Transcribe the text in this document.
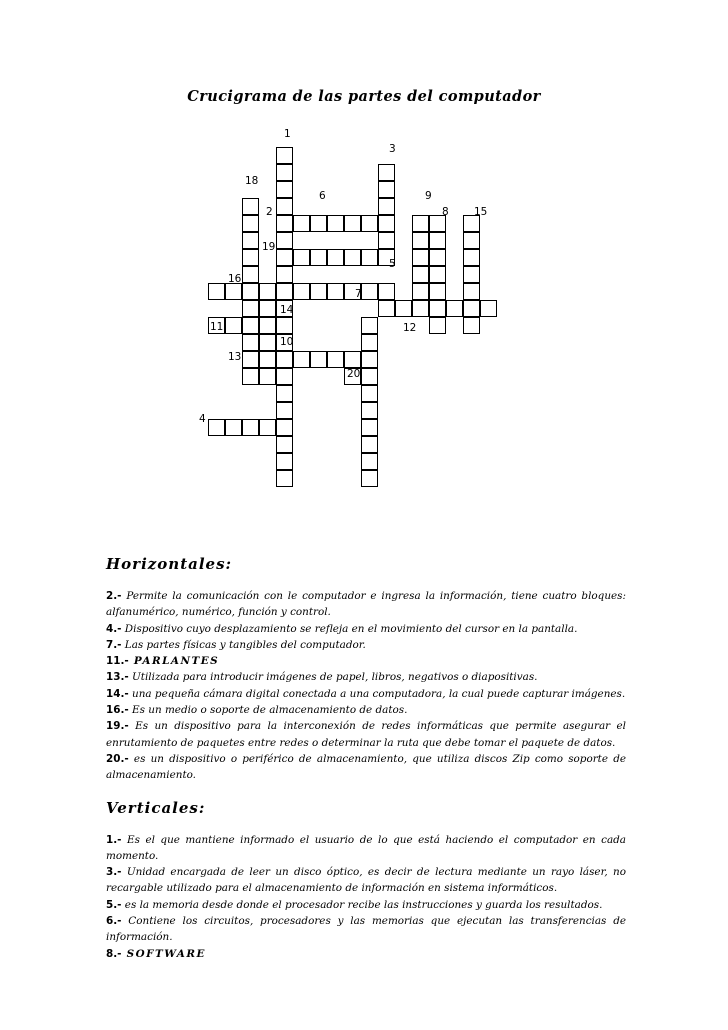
Crucigrama de las partes del computador
1
3
18
6	9
2	8 15
19
5
16
7
14
11	12
10
13
20
4
Horizontales:

2.- Permite la comunicación con le computador e ingresa la información, tiene cuatro bloques: alfanumérico, numérico, función y control.

4.- Dispositivo cuyo desplazamiento se refleja en el movimiento del cursor en la pantalla.

7.- Las partes físicas y tangibles del computador.

11.- PARLANTES

13.- Utilizada para introducir imágenes de papel, libros, negativos o diapositivas.

14.- una pequeña cámara digital conectada a una computadora, la cual puede capturar imágenes.

16.- Es un medio o soporte de almacenamiento de datos.

19.- Es un dispositivo para la interconexión de redes informáticas que permite asegurar el enrutamiento de paquetes entre redes o determinar la ruta que debe tomar el paquete de datos.

20.- es un dispositivo o periférico de almacenamiento, que utiliza discos Zip como soporte de almacenamiento.

Verticales:

1.- Es el que mantiene informado el usuario de lo que está haciendo el computador en cada momento.

3.- Unidad encargada de leer un disco óptico, es decir de lectura mediante un rayo láser, no recargable utilizado para el almacenamiento de información en sistema informáticos.

5.- es la memoria desde donde el procesador recibe las instrucciones y guarda los resultados.

6.- Contiene los circuitos, procesadores y las memorias que ejecutan las transferencias de información.

8.- SOFTWARE
